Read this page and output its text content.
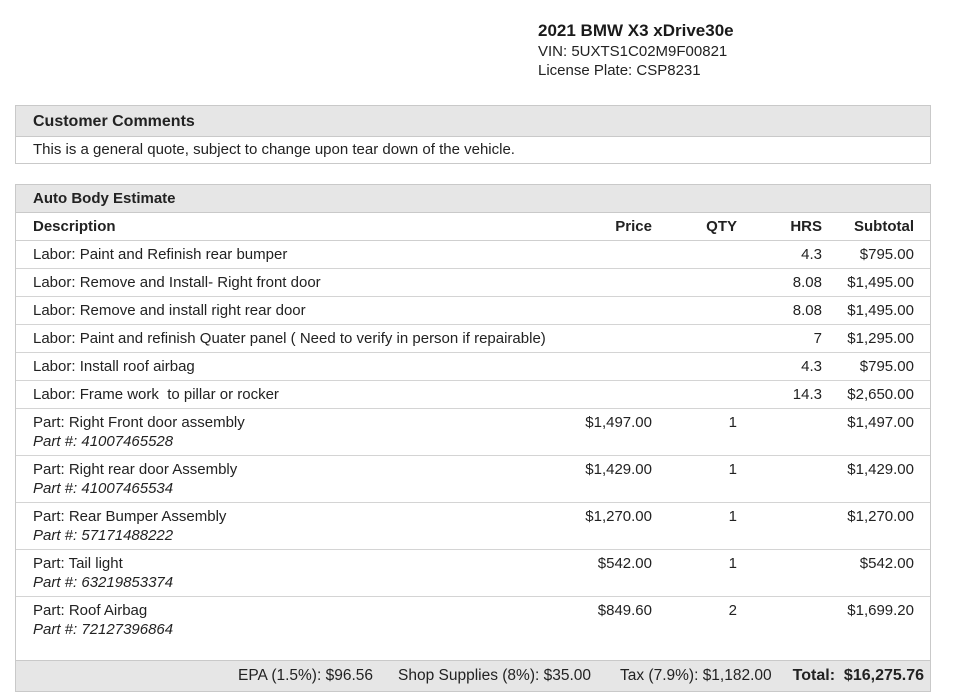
2021 BMW X3 xDrive30e
VIN: 5UXTS1C02M9F00821
License Plate: CSP8231
Customer Comments
This is a general quote, subject to change upon tear down of the vehicle.
Auto Body Estimate
Description	Price	QTY	HRS	Subtotal
Labor: Paint and Refinish rear bumper			4.3	$795.00
Labor: Remove and Install- Right front door			8.08	$1,495.00
Labor: Remove and install right rear door			8.08	$1,495.00
Labor: Paint and refinish Quater panel ( Need to verify in person if repairable)			7	$1,295.00
Labor: Install roof airbag			4.3	$795.00
Labor: Frame work  to pillar or rocker			14.3	$2,650.00

Part: Right Front door assembly
Part #: 41007465528	$1,497.00	1		$1,497.00

Part: Right rear door Assembly
Part #: 41007465534	$1,429.00	1		$1,429.00

Part: Rear Bumper Assembly
Part #: 57171488222	$1,270.00	1		$1,270.00

Part: Tail light
Part #: 63219853374	$542.00	1		$542.00

Part: Roof Airbag
Part #: 72127396864	$849.60	2		$1,699.20
EPA (1.5%): $96.56 Shop Supplies (8%): $35.00 Tax (7.9%): $1,182.00 Total:  $16,275.76
